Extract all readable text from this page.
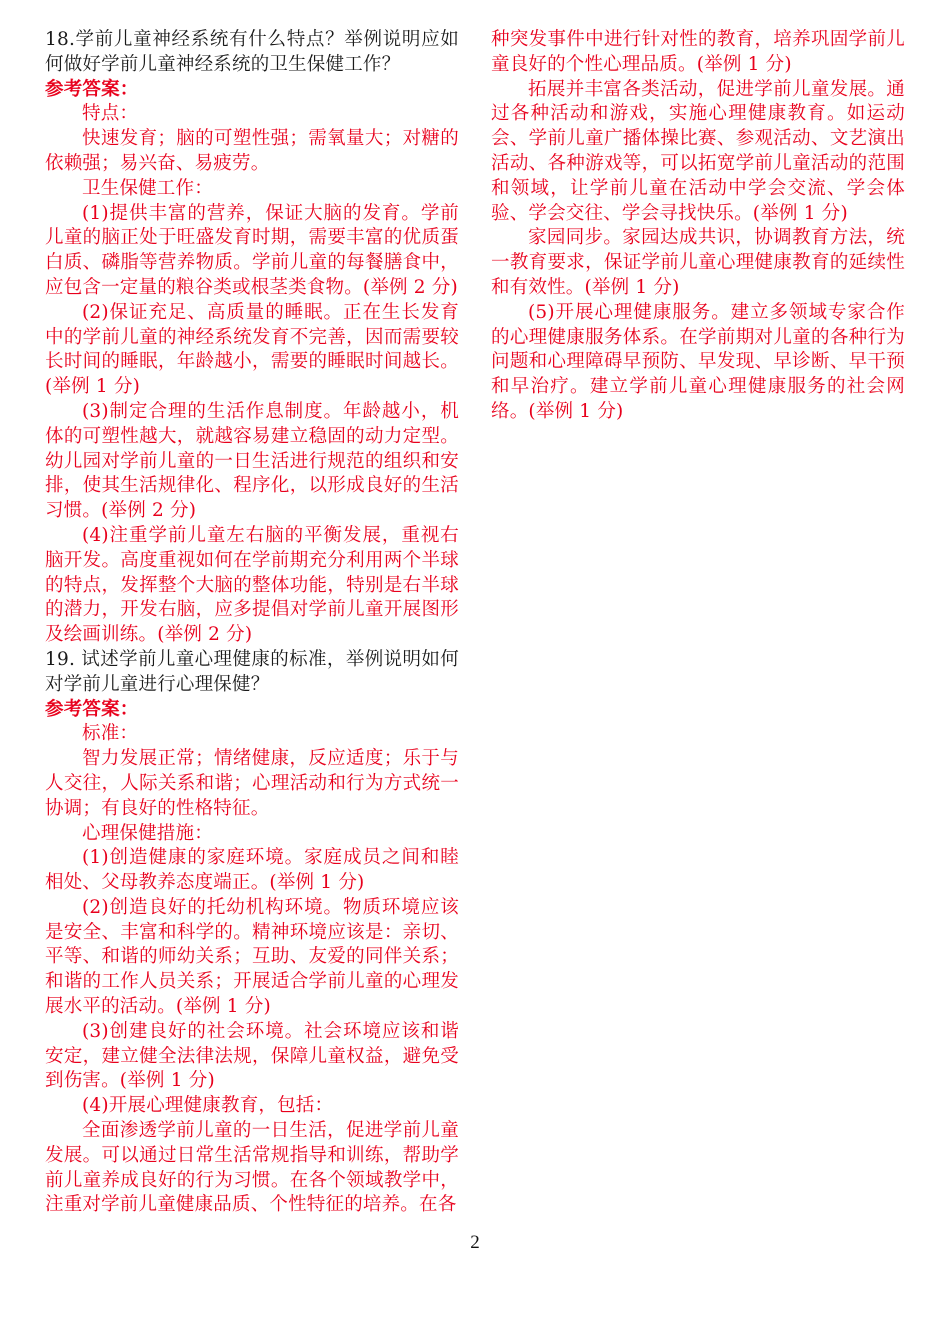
18.学前儿童神经系统有什么特点？举例说明应如何做好学前儿童神经系统的卫生保健工作？

参考答案：

特点：

快速发育；脑的可塑性强；需氧量大；对糖的依赖强；易兴奋、易疲劳。

卫生保健工作：

(1)提供丰富的营养，保证大脑的发育。学前儿童的脑正处于旺盛发育时期，需要丰富的优质蛋白质、磷脂等营养物质。学前儿童的每餐膳食中，应包含一定量的粮谷类或根茎类食物。(举例 2 分)

(2)保证充足、高质量的睡眠。正在生长发育中的学前儿童的神经系统发育不完善，因而需要较长时间的睡眠，年龄越小，需要的睡眠时间越长。(举例 1 分)

(3)制定合理的生活作息制度。年龄越小，机体的可塑性越大，就越容易建立稳固的动力定型。幼儿园对学前儿童的一日生活进行规范的组织和安排，使其生活规律化、程序化，以形成良好的生活习惯。(举例 2 分)

(4)注重学前儿童左右脑的平衡发展，重视右脑开发。高度重视如何在学前期充分利用两个半球的特点，发挥整个大脑的整体功能，特别是右半球的潜力，开发右脑，应多提倡对学前儿童开展图形及绘画训练。(举例 2 分)

19. 试述学前儿童心理健康的标准，举例说明如何对学前儿童进行心理保健？

参考答案：

标准：

智力发展正常；情绪健康，反应适度；乐于与人交往，人际关系和谐；心理活动和行为方式统一协调；有良好的性格特征。

心理保健措施：

(1)创造健康的家庭环境。家庭成员之间和睦相处、父母教养态度端正。(举例 1 分)

(2)创造良好的托幼机构环境。物质环境应该是安全、丰富和科学的。精神环境应该是：亲切、平等、和谐的师幼关系；互助、友爱的同伴关系；和谐的工作人员关系；开展适合学前儿童的心理发展水平的活动。(举例 1 分)

(3)创建良好的社会环境。社会环境应该和谐安定，建立健全法律法规，保障儿童权益，避免受到伤害。(举例 1 分)

(4)开展心理健康教育，包括：

全面渗透学前儿童的一日生活，促进学前儿童发展。可以通过日常生活常规指导和训练，帮助学前儿童养成良好的行为习惯。在各个领域教学中，注重对学前儿童健康品质、个性特征的培养。在各

种突发事件中进行针对性的教育，培养巩固学前儿童良好的个性心理品质。(举例 1 分)

拓展并丰富各类活动，促进学前儿童发展。通过各种活动和游戏，实施心理健康教育。如运动会、学前儿童广播体操比赛、参观活动、文艺演出活动、各种游戏等，可以拓宽学前儿童活动的范围和领域，让学前儿童在活动中学会交流、学会体验、学会交往、学会寻找快乐。(举例 1 分)

家园同步。家园达成共识，协调教育方法，统一教育要求，保证学前儿童心理健康教育的延续性和有效性。(举例 1 分)

(5)开展心理健康服务。建立多领域专家合作的心理健康服务体系。在学前期对儿童的各种行为问题和心理障碍早预防、早发现、早诊断、早干预和早治疗。建立学前儿童心理健康服务的社会网络。(举例 1 分)

2
